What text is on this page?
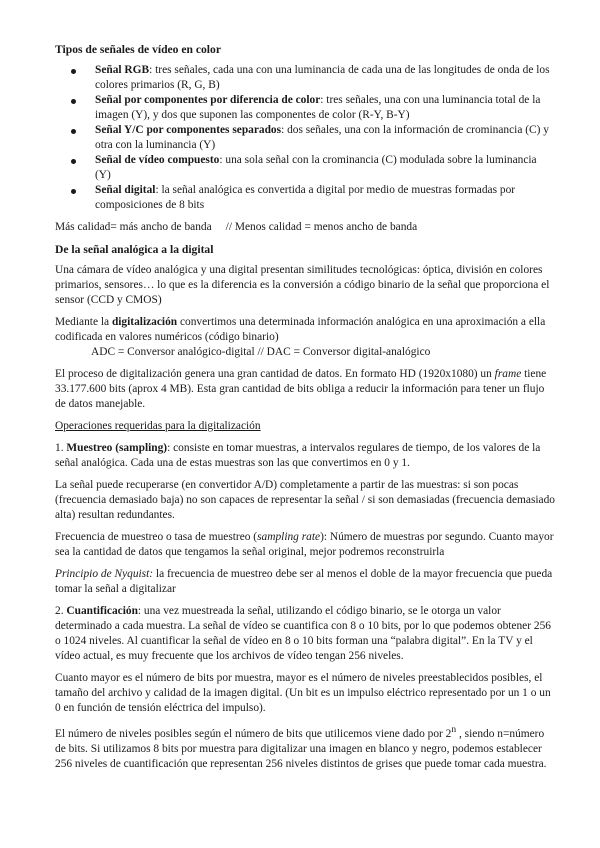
Tipos de señales de vídeo en color
Señal RGB: tres señales, cada una con una luminancia de cada una de las longitudes de onda de los colores primarios (R, G, B)
Señal por componentes por diferencia de color: tres señales, una con una luminancia total de la imagen (Y), y dos que suponen las componentes de color (R-Y, B-Y)
Señal Y/C por componentes separados: dos señales, una con la información de crominancia (C) y otra con la luminancia (Y)
Señal de vídeo compuesto: una sola señal con la crominancia (C) modulada sobre la luminancia (Y)
Señal digital: la señal analógica es convertida a digital por medio de muestras formadas por composiciones de 8 bits

Más calidad= más ancho de banda // Menos calidad = menos ancho de banda

De la señal analógica a la digital

Una cámara de vídeo analógica y una digital presentan similitudes tecnológicas: óptica, división en colores primarios, sensores… lo que es la diferencia es la conversión a código binario de la señal que proporciona el sensor (CCD y CMOS)

Mediante la digitalización convertimos una determinada información analógica en una aproximación a ella codificada en valores numéricos (código binario)
ADC = Conversor analógico-digital // DAC = Conversor digital-analógico

El proceso de digitalización genera una gran cantidad de datos. En formato HD (1920x1080) un frame tiene 33.177.600 bits (aprox 4 MB). Esta gran cantidad de bits obliga a reducir la información para tener un flujo de datos manejable.

Operaciones requeridas para la digitalización

1. Muestreo (sampling): consiste en tomar muestras, a intervalos regulares de tiempo, de los valores de la señal analógica. Cada una de estas muestras son las que convertimos en 0 y 1.

La señal puede recuperarse (en convertidor A/D) completamente a partir de las muestras: si son pocas (frecuencia demasiado baja) no son capaces de representar la señal / si son demasiadas (frecuencia demasiado alta) resultan redundantes.

Frecuencia de muestreo o tasa de muestreo (sampling rate): Número de muestras por segundo. Cuanto mayor sea la cantidad de datos que tengamos la señal original, mejor podremos reconstruirla

Principio de Nyquist: la frecuencia de muestreo debe ser al menos el doble de la mayor frecuencia que pueda tomar la señal a digitalizar

2. Cuantificación: una vez muestreada la señal, utilizando el código binario, se le otorga un valor determinado a cada muestra. La señal de vídeo se cuantifica con 8 o 10 bits, por lo que podemos obtener 256 o 1024 niveles. Al cuantificar la señal de vídeo en 8 o 10 bits forman una “palabra digital”. En la TV y el vídeo actual, es muy frecuente que los archivos de vídeo tengan 256 niveles.

Cuanto mayor es el número de bits por muestra, mayor es el número de niveles preestablecidos posibles, el tamaño del archivo y calidad de la imagen digital. (Un bit es un impulso eléctrico representado por un 1 o un 0 en función de tensión eléctrica del impulso).

El número de niveles posibles según el número de bits que utilicemos viene dado por 2$^n$ , siendo n=número de bits. Si utilizamos 8 bits por muestra para digitalizar una imagen en blanco y negro, podemos establecer 256 niveles de cuantificación que representan 256 niveles distintos de grises que puede tomar cada muestra.
